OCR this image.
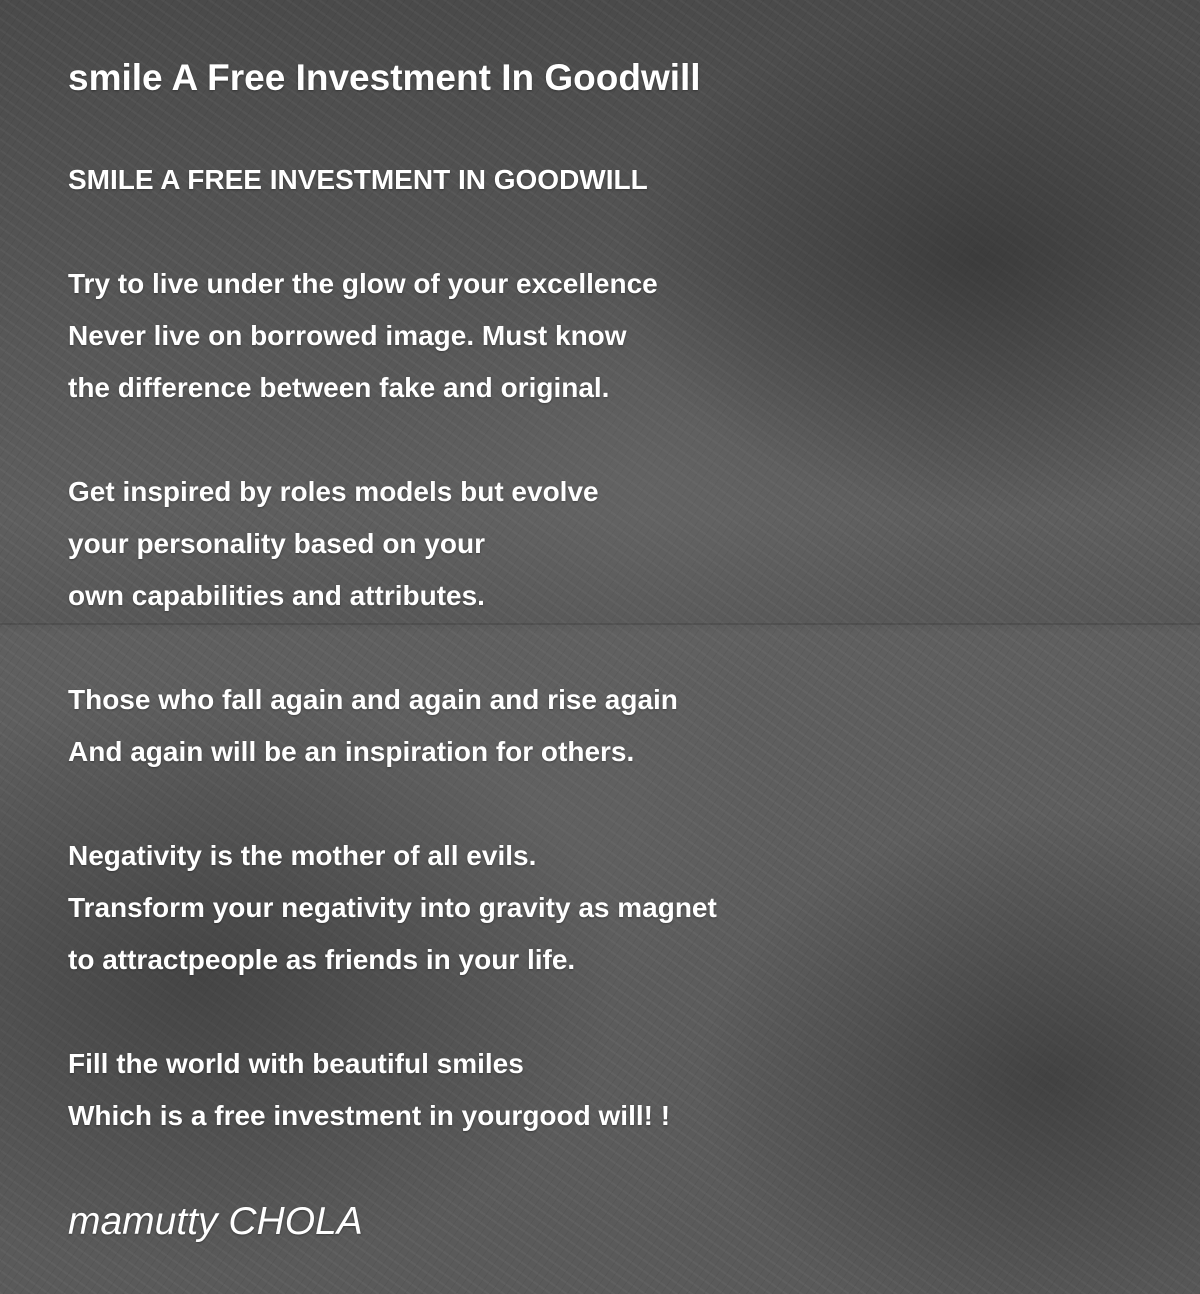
smile A Free Investment In Goodwill
SMILE A FREE INVESTMENT IN GOODWILL
Try to live under the glow of your excellence
Never live on borrowed image. Must know
the difference between fake and original.
Get inspired by roles models but evolve
your personality based on your
own capabilities and attributes.
Those who fall again and again and rise again
And again will be an inspiration for others.
Negativity is the mother of all evils.
Transform your negativity into gravity as magnet
to attractpeople as friends in your life.
Fill the world with beautiful smiles
Which is a free investment in yourgood will! !
mamutty CHOLA
